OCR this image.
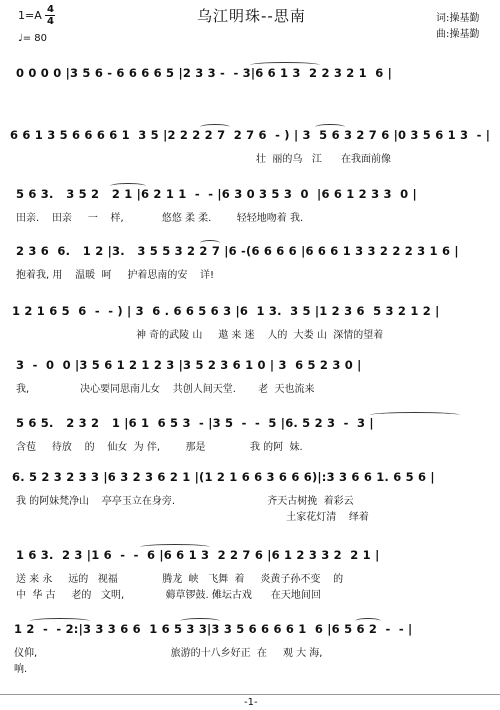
1=A 4
4
♩= 80
乌江明珠--思南	词:操基勤
曲:操基勤
0 0 0 0 |3 5 6 - 6 6 6 6 5 |2 3 3 -  - 3|6 6 1 3  2 2 3 2 1  6 |
6 6 1 3 5 6 6 6 6 1  3 5 |2 2 2 2 7  2 7 6  - ) | 3  5 6 3 2 7 6 |0 3 5 6 1 3  - |
壮  丽的乌   江      在我面前像
5 6 3.   3 5 2   2 1 |6 2 1 1  -  - |6 3 0 3 5 3  0  |6 6 1 2 3 3  0 |
田亲.    田亲     一    样,            悠悠 柔 柔.        轻轻地吻着 我.
2 3 6  6.   1 2 |3.   3 5 5 3 2 2 7 |6 -(6 6 6 6 |6 6 6 1 3 3 2 2 2 3 1 6 |
抱着我, 用    温暖  呵     护着思南的安    详!
1 2 1 6 5  6  -  - ) | 3  6 . 6 6 5 6 3 |6  1 3.  3 5 |1 2 3 6  5 3 2 1 2 |
神 奇的武陵 山     遨 来 迷    人的  大娄 山  深情的望着
3  -  0  0 |3 5 6 1 2 1 2 3 |3 5 2 3 6 1 0 | 3  6 5 2 3 0 |
我,                决心要同思南儿女    共创人间天堂.       老  天也流来
5 6 5.   2 3 2   1 |6 1  6 5 3  - |3 5  -  -  5 |6. 5 2 3  -  3 |
含苞     待放    的    仙女  为 伴,        那是              我 的阿  妹.
6. 5 2 3 2 3 3 |6 3 2 3 6 2 1 |(1 2 1 6 6 3 6 6 6)|:3 3 6 6 1. 6 5 6 |
我 的阿妹梵净山    亭亭玉立在身旁.                             齐天古树挽  着彩云
土家花灯清    绎着
1 6 3.  2 3 |1 6  -  -  6 |6 6 1 3  2 2 7 6 |6 1 2 3 3 2  2 1 |
送 来 永     远的   视福              腾龙  峡   飞舞  着     炎黄子孙不变    的
中  华 古     老的   文明,             薅草锣鼓. 傩坛古戏      在天地间回
1 2  -  - 2:|3 3 3 6 6  1 6 5 3 3|3 3 5 6 6 6 6 1  6 |6 5 6 2  -  - |
仪仰,                                          旅游的十八乡好正  在     观 大 海,
响.
-1-
